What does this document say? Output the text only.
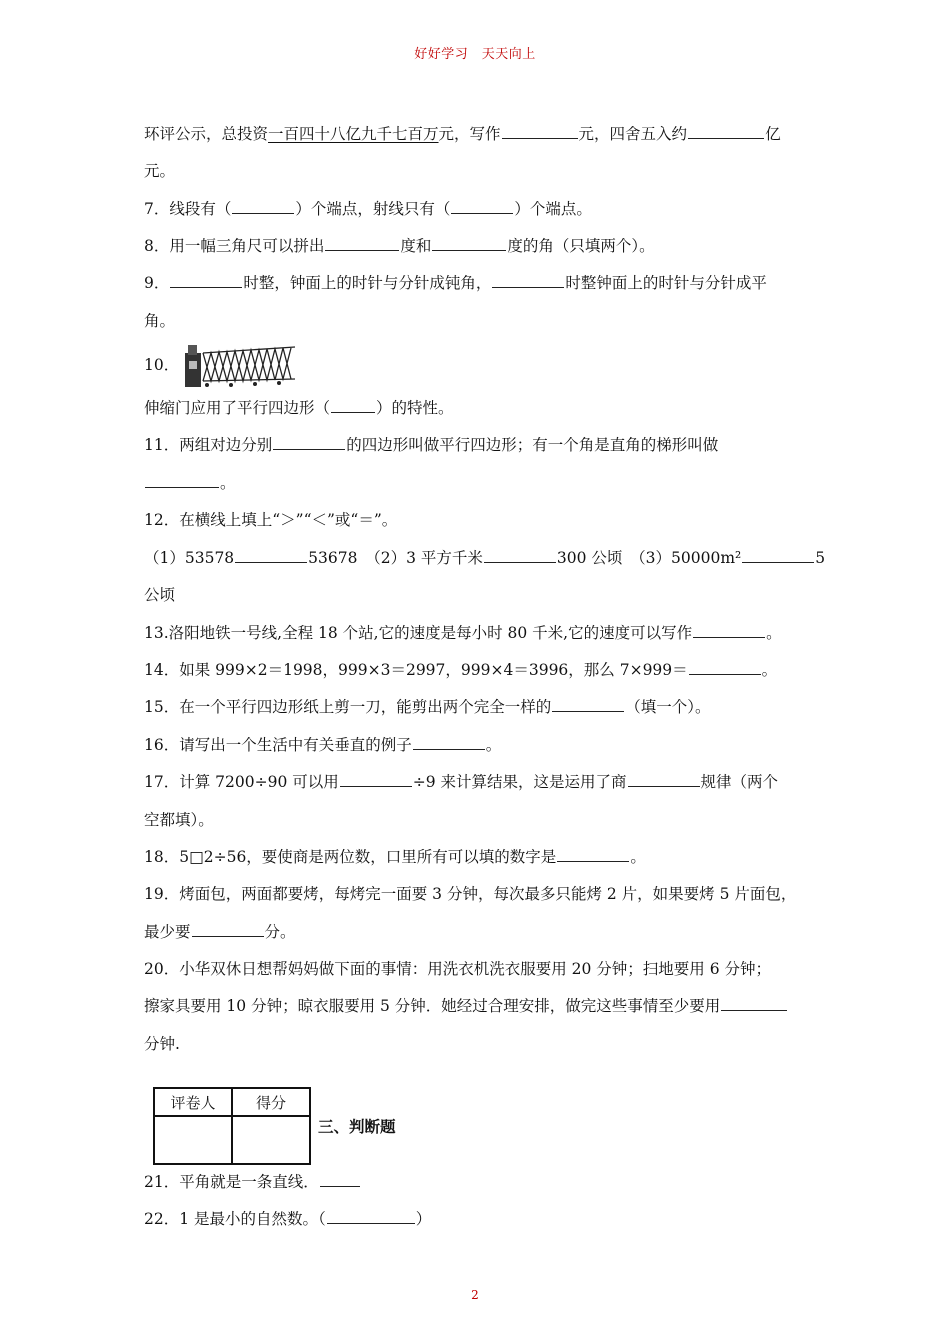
好好学习　天天向上
环评公示，总投资一百四十八亿九千七百万元，写作	元，四舍五入约	亿
元。
7．线段有（	）个端点，射线只有（	）个端点。
8．用一幅三角尺可以拼出	度和	度的角（只填两个）。
9．	时整，钟面上的时针与分针成钝角，	时整钟面上的时针与分针成平
角。
10．
伸缩门应用了平行四边形（	）的特性。
11．两组对边分别	的四边形叫做平行四边形；有一个角是直角的梯形叫做
。
12．在横线上填上“＞”“＜”或“＝”。
（1）53578	53678　（2）3 平方千米	300 公顷　（3）50000m²	5
公顷
13.洛阳地铁一号线,全程 18 个站,它的速度是每小时 80 千米,它的速度可以写作	。
14．如果 999×2＝1998，999×3＝2997，999×4＝3996，那么 7×999＝	。
15．在一个平行四边形纸上剪一刀，能剪出两个完全一样的	（填一个）。
16．请写出一个生活中有关垂直的例子	。
17．计算 7200÷90 可以用	÷9 来计算结果，这是运用了商	规律（两个
空都填）。
18．5□2÷56，要使商是两位数，口里所有可以填的数字是	。
19．烤面包，两面都要烤，每烤完一面要 3 分钟，每次最多只能烤 2 片，如果要烤 5 片面包，
最少要	分。
20．小华双休日想帮妈妈做下面的事情：用洗衣机洗衣服要用 20 分钟；扫地要用 6 分钟；
擦家具要用 10 分钟；晾衣服要用 5 分钟．她经过合理安排，做完这些事情至少要用
分钟.
评卷人	得分

三、判断题
21．平角就是一条直线．
22．1 是最小的自然数。（	）
2
